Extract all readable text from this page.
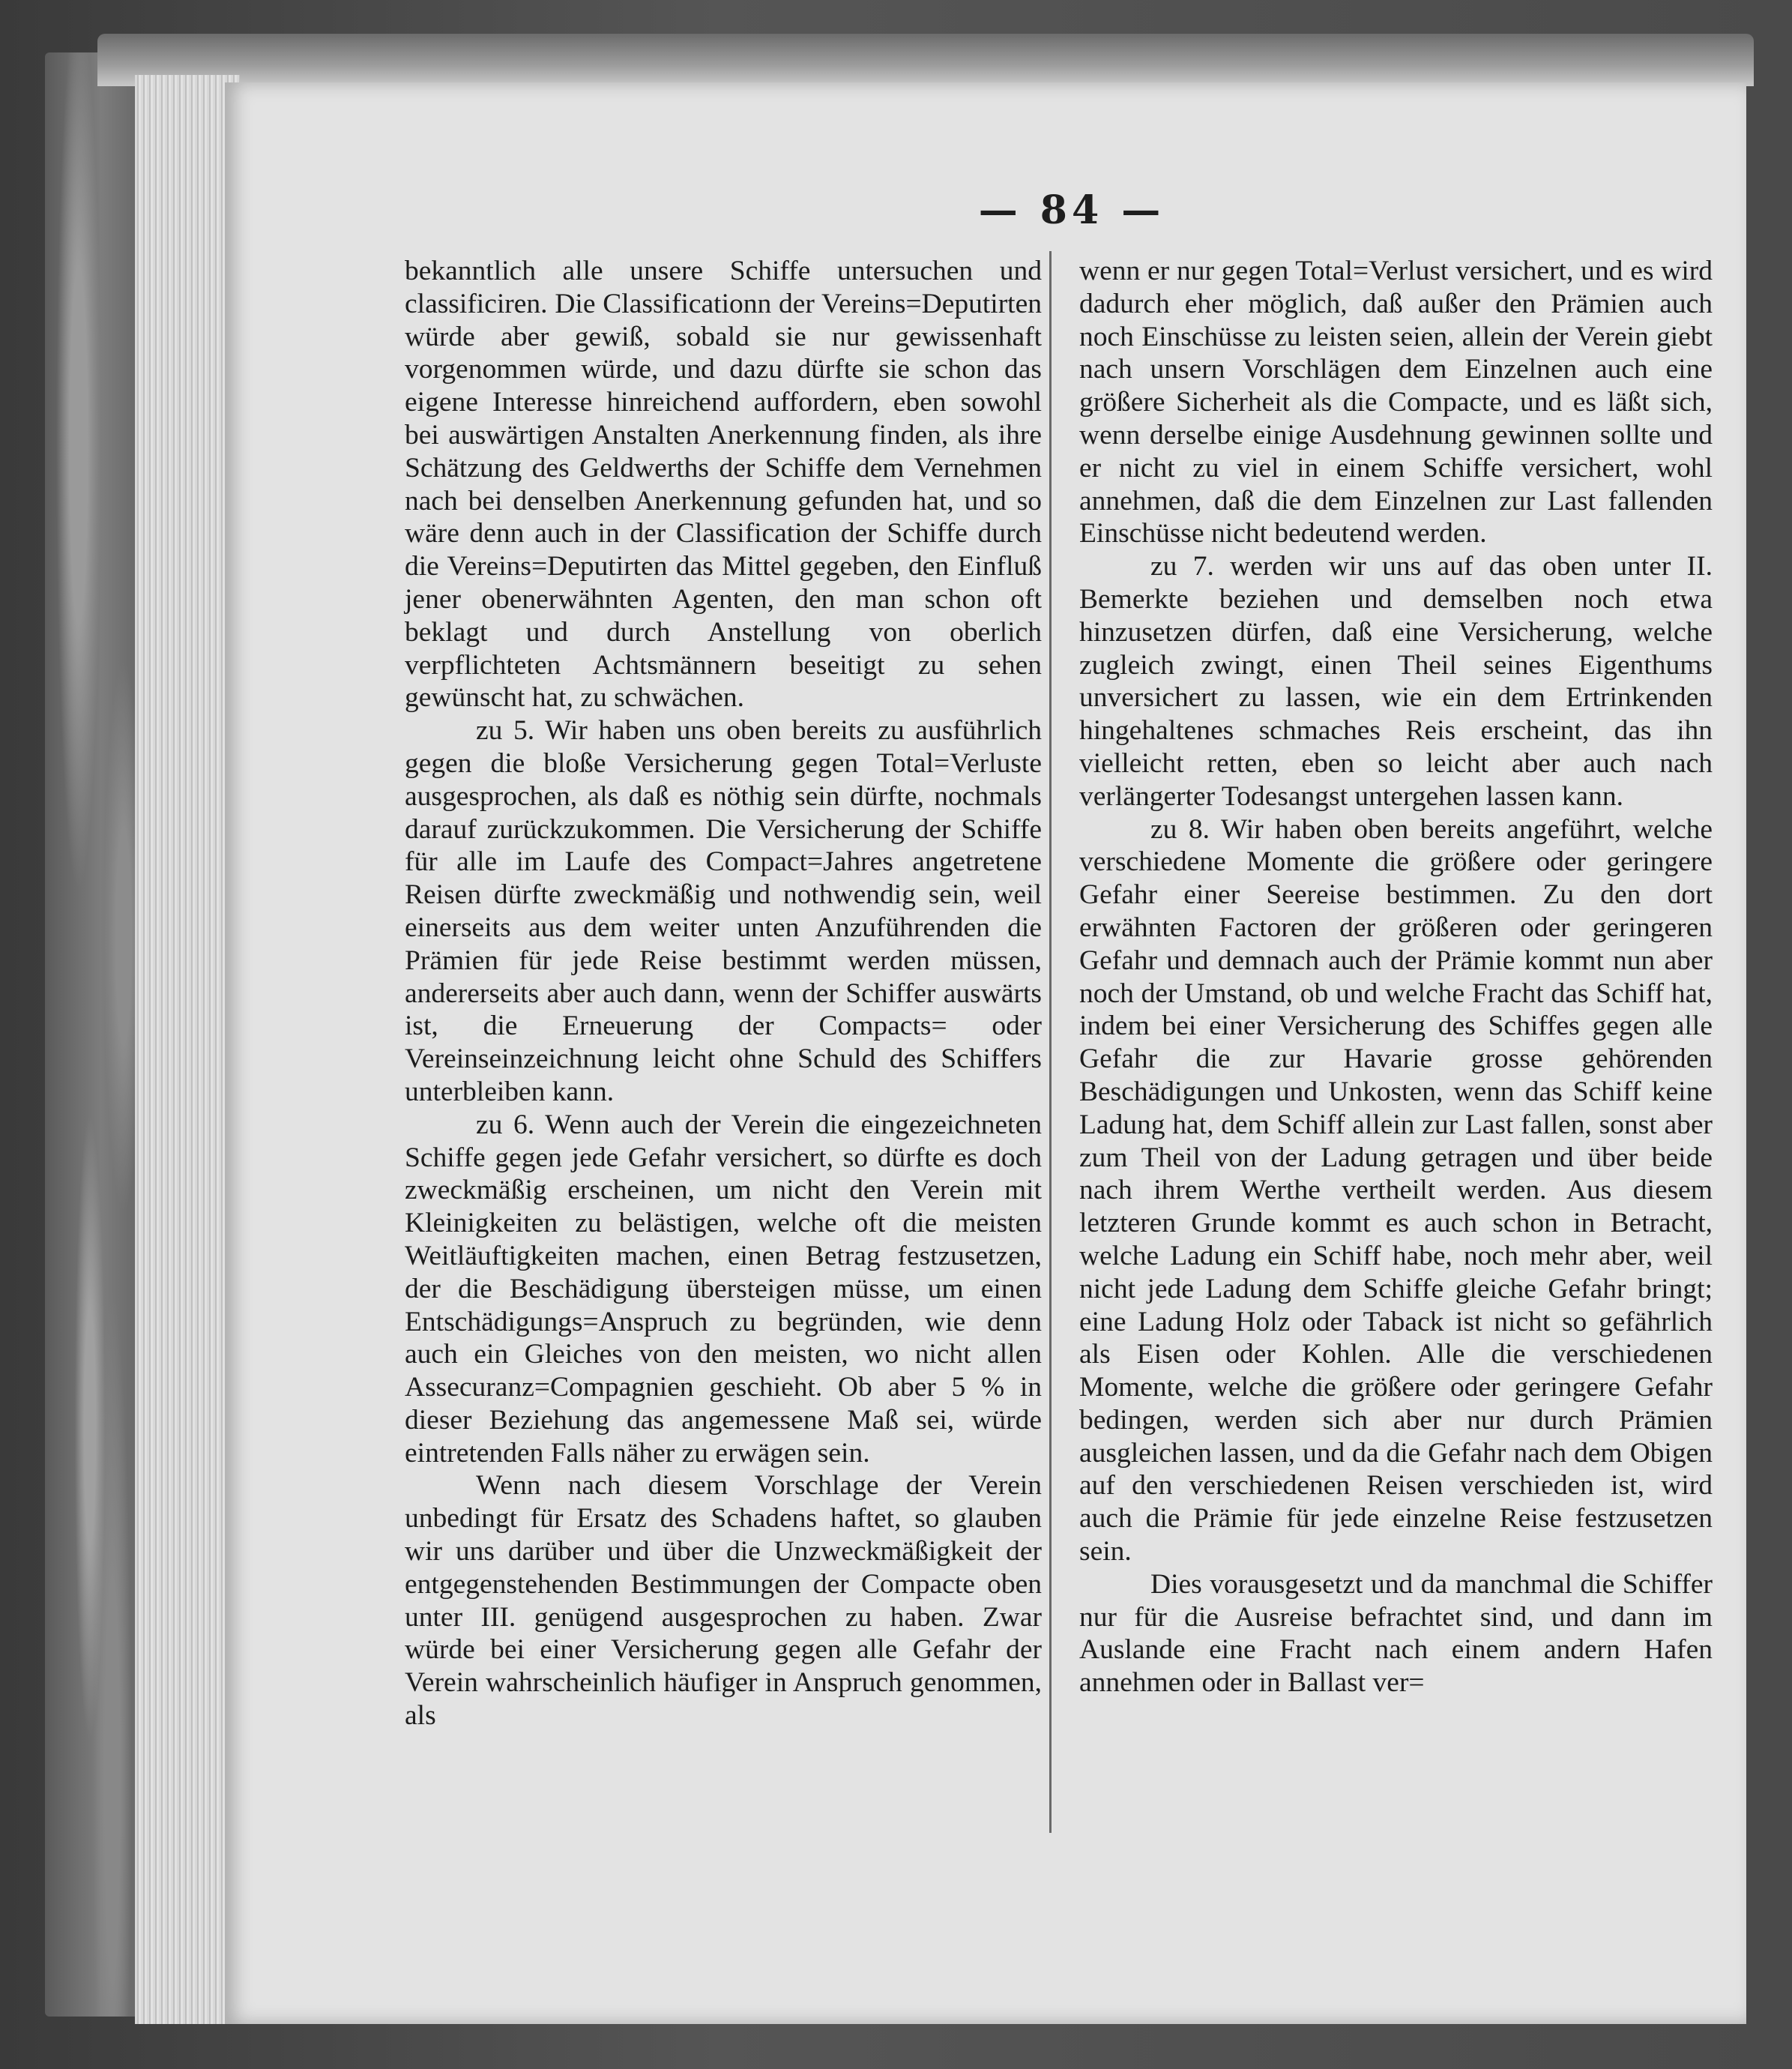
— 84 —

bekanntlich alle unsere Schiffe untersuchen und classificiren. Die Classificationn der Vereins=Deputirten würde aber gewiß, sobald sie nur gewissenhaft vorgenommen würde, und dazu dürfte sie schon das eigene Interesse hinreichend auffordern, eben sowohl bei auswärtigen Anstalten Anerkennung finden, als ihre Schätzung des Geldwerths der Schiffe dem Vernehmen nach bei denselben Anerkennung gefunden hat, und so wäre denn auch in der Classification der Schiffe durch die Vereins=Deputirten das Mittel gegeben, den Einfluß jener obenerwähnten Agenten, den man schon oft beklagt und durch Anstellung von oberlich verpflichteten Achtsmännern beseitigt zu sehen gewünscht hat, zu schwächen.

zu 5. Wir haben uns oben bereits zu ausführlich gegen die bloße Versicherung gegen Total=Verluste ausgesprochen, als daß es nöthig sein dürfte, nochmals darauf zurückzukommen. Die Versicherung der Schiffe für alle im Laufe des Compact=Jahres angetretene Reisen dürfte zweckmäßig und nothwendig sein, weil einerseits aus dem weiter unten Anzuführenden die Prämien für jede Reise bestimmt werden müssen, andererseits aber auch dann, wenn der Schiffer auswärts ist, die Erneuerung der Compacts= oder Vereinseinzeichnung leicht ohne Schuld des Schiffers unterbleiben kann.

zu 6. Wenn auch der Verein die eingezeichneten Schiffe gegen jede Gefahr versichert, so dürfte es doch zweckmäßig erscheinen, um nicht den Verein mit Kleinigkeiten zu belästigen, welche oft die meisten Weitläuftigkeiten machen, einen Betrag festzusetzen, der die Beschädigung übersteigen müsse, um einen Entschädigungs=Anspruch zu begründen, wie denn auch ein Gleiches von den meisten, wo nicht allen Assecuranz=Compagnien geschieht. Ob aber 5 % in dieser Beziehung das angemessene Maß sei, würde eintretenden Falls näher zu erwägen sein.

Wenn nach diesem Vorschlage der Verein unbedingt für Ersatz des Schadens haftet, so glauben wir uns darüber und über die Unzweckmäßigkeit der entgegenstehenden Bestimmungen der Compacte oben unter III. genügend ausgesprochen zu haben. Zwar würde bei einer Versicherung gegen alle Gefahr der Verein wahrscheinlich häufiger in Anspruch genommen, als

wenn er nur gegen Total=Verlust versichert, und es wird dadurch eher möglich, daß außer den Prämien auch noch Einschüsse zu leisten seien, allein der Verein giebt nach unsern Vorschlägen dem Einzelnen auch eine größere Sicherheit als die Compacte, und es läßt sich, wenn derselbe einige Ausdehnung gewinnen sollte und er nicht zu viel in einem Schiffe versichert, wohl annehmen, daß die dem Einzelnen zur Last fallenden Einschüsse nicht bedeutend werden.

zu 7. werden wir uns auf das oben unter II. Bemerkte beziehen und demselben noch etwa hinzusetzen dürfen, daß eine Versicherung, welche zugleich zwingt, einen Theil seines Eigenthums unversichert zu lassen, wie ein dem Ertrinkenden hingehaltenes schmaches Reis erscheint, das ihn vielleicht retten, eben so leicht aber auch nach verlängerter Todesangst untergehen lassen kann.

zu 8. Wir haben oben bereits angeführt, welche verschiedene Momente die größere oder geringere Gefahr einer Seereise bestimmen. Zu den dort erwähnten Factoren der größeren oder geringeren Gefahr und demnach auch der Prämie kommt nun aber noch der Umstand, ob und welche Fracht das Schiff hat, indem bei einer Versicherung des Schiffes gegen alle Gefahr die zur Havarie grosse gehörenden Beschädigungen und Unkosten, wenn das Schiff keine Ladung hat, dem Schiff allein zur Last fallen, sonst aber zum Theil von der Ladung getragen und über beide nach ihrem Werthe vertheilt werden. Aus diesem letzteren Grunde kommt es auch schon in Betracht, welche Ladung ein Schiff habe, noch mehr aber, weil nicht jede Ladung dem Schiffe gleiche Gefahr bringt; eine Ladung Holz oder Taback ist nicht so gefährlich als Eisen oder Kohlen. Alle die verschiedenen Momente, welche die größere oder geringere Gefahr bedingen, werden sich aber nur durch Prämien ausgleichen lassen, und da die Gefahr nach dem Obigen auf den verschiedenen Reisen verschieden ist, wird auch die Prämie für jede einzelne Reise festzusetzen sein.

Dies vorausgesetzt und da manchmal die Schiffer nur für die Ausreise befrachtet sind, und dann im Auslande eine Fracht nach einem andern Hafen annehmen oder in Ballast ver=
